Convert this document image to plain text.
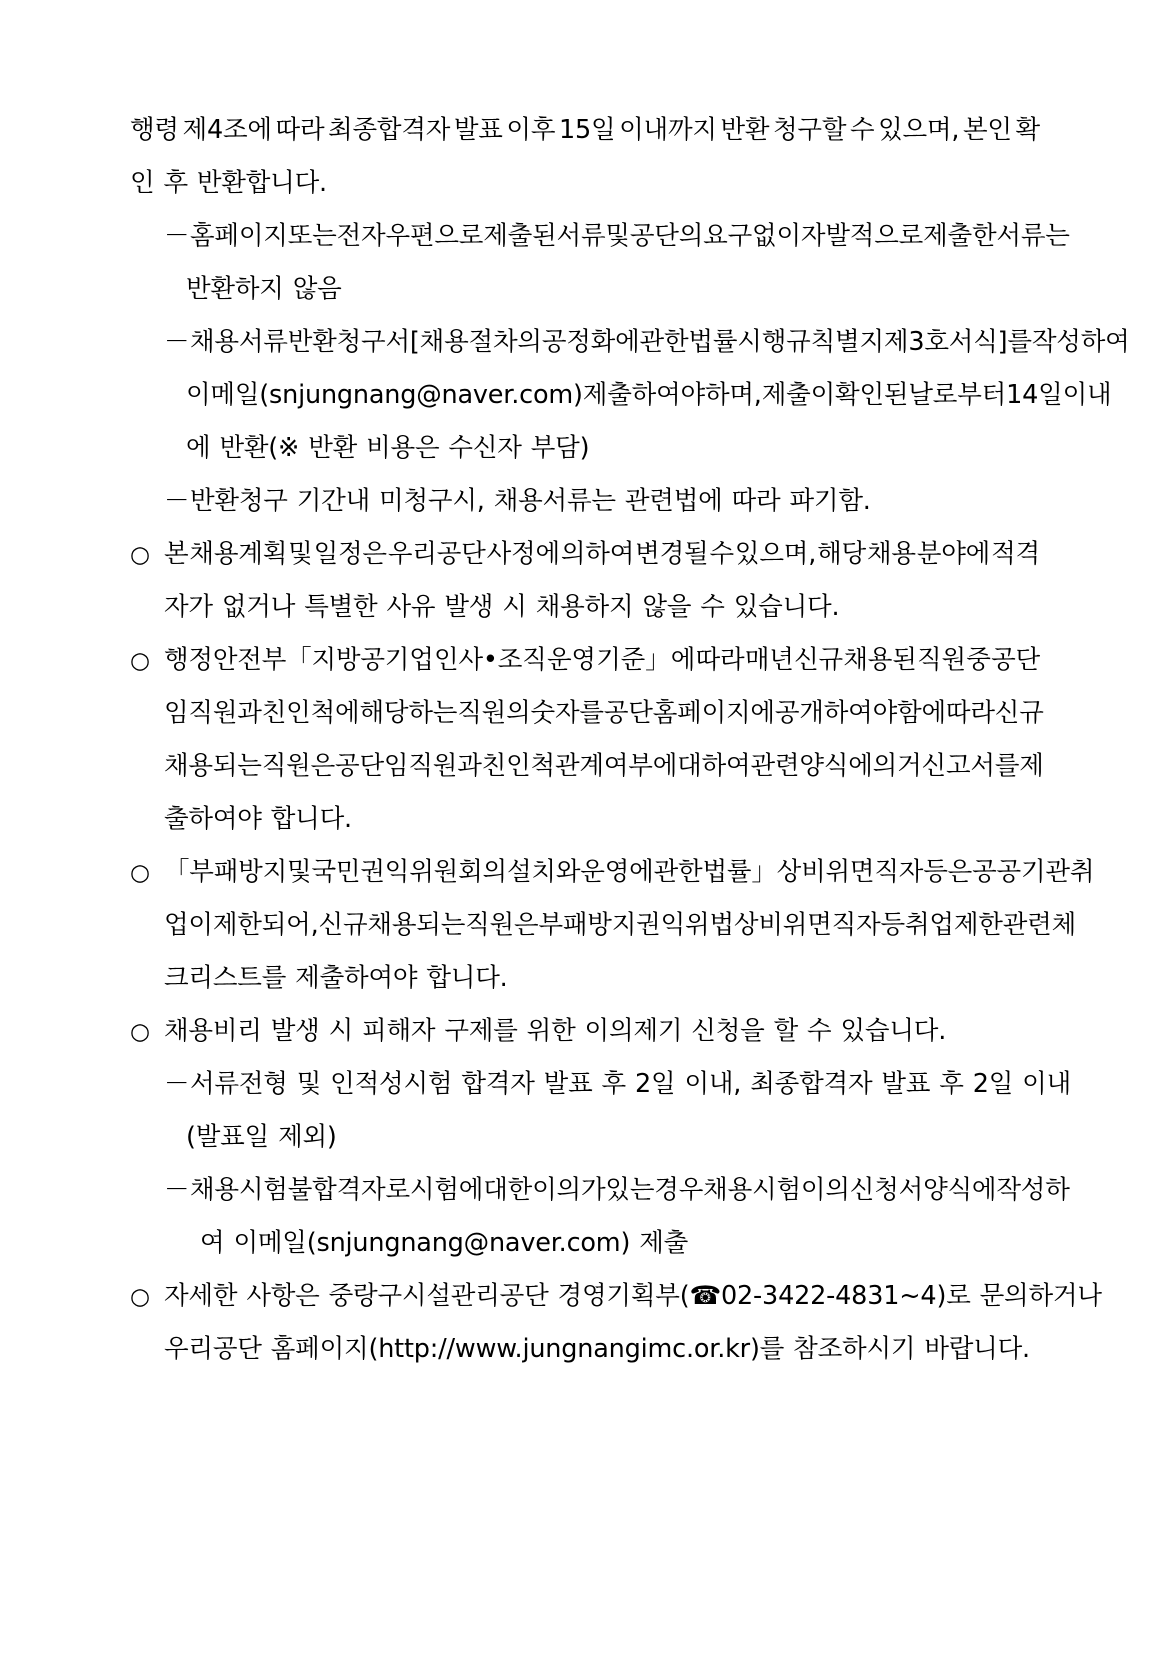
행령 제4조에 따라 최종합격자 발표 이후 15일 이내까지 반환 청구할 수 있으며, 본인 확
인 후 반환합니다.
－ 홈페이지 또는 전자우편으로 제출된 서류 및 공단의 요구 없이 자발적으로 제출한 서류는
반환하지 않음
－ 채용서류반환청구서[채용절차의 공정화에 관한 법률 시행규칙 별지제3호서식]를 작성하여
이메일(snjungnang@naver.com) 제출하여야 하며, 제출이 확인된 날로부터 14일 이내
에 반환(※ 반환 비용은 수신자 부담)
－ 반환청구 기간내 미청구시, 채용서류는 관련법에 따라 파기함.
○ 본 채용계획 및 일정은 우리공단 사정에 의하여 변경될 수 있으며, 해당 채용 분야에 적격
자가 없거나 특별한 사유 발생 시 채용하지 않을 수 있습니다.
○ 행정안전부「지방공기업 인사•조직 운영 기준」 에 따라 매년 신규 채용된 직원 중 공단
임직원과 친인척에 해당하는 직원의 숫자를 공단 홈페이지에 공개하여야 함에 따라 신규
채용되는 직원은 공단 임직원과 친인척 관계 여부에 대하여 관련양식에 의거 신고서를 제
출하여야 합니다.
○ 「부패방지 및 국민권익위원회의 설치와 운영에 관한 법률」상 비위면직자 등은 공공기관 취
업이 제한되어, 신규 채용되는 직원은 부패방지권익위법상 비위면직자등 취업제한 관련 체
크리스트를 제출하여야 합니다.
○ 채용비리 발생 시 피해자 구제를 위한 이의제기 신청을 할 수 있습니다.
－ 서류전형 및 인적성시험 합격자 발표 후 2일 이내, 최종합격자 발표 후 2일 이내
(발표일 제외)
－ 채용시험 불합격자로 시험에 대한 이의가 있는 경우 채용시험 이의신청서 양식에 작성하
여 이메일(snjungnang@naver.com) 제출
○ 자세한 사항은 중랑구시설관리공단 경영기획부(☎02-3422-4831~4)로 문의하거나
우리공단 홈페이지(http://www.jungnangimc.or.kr)를 참조하시기 바랍니다.
